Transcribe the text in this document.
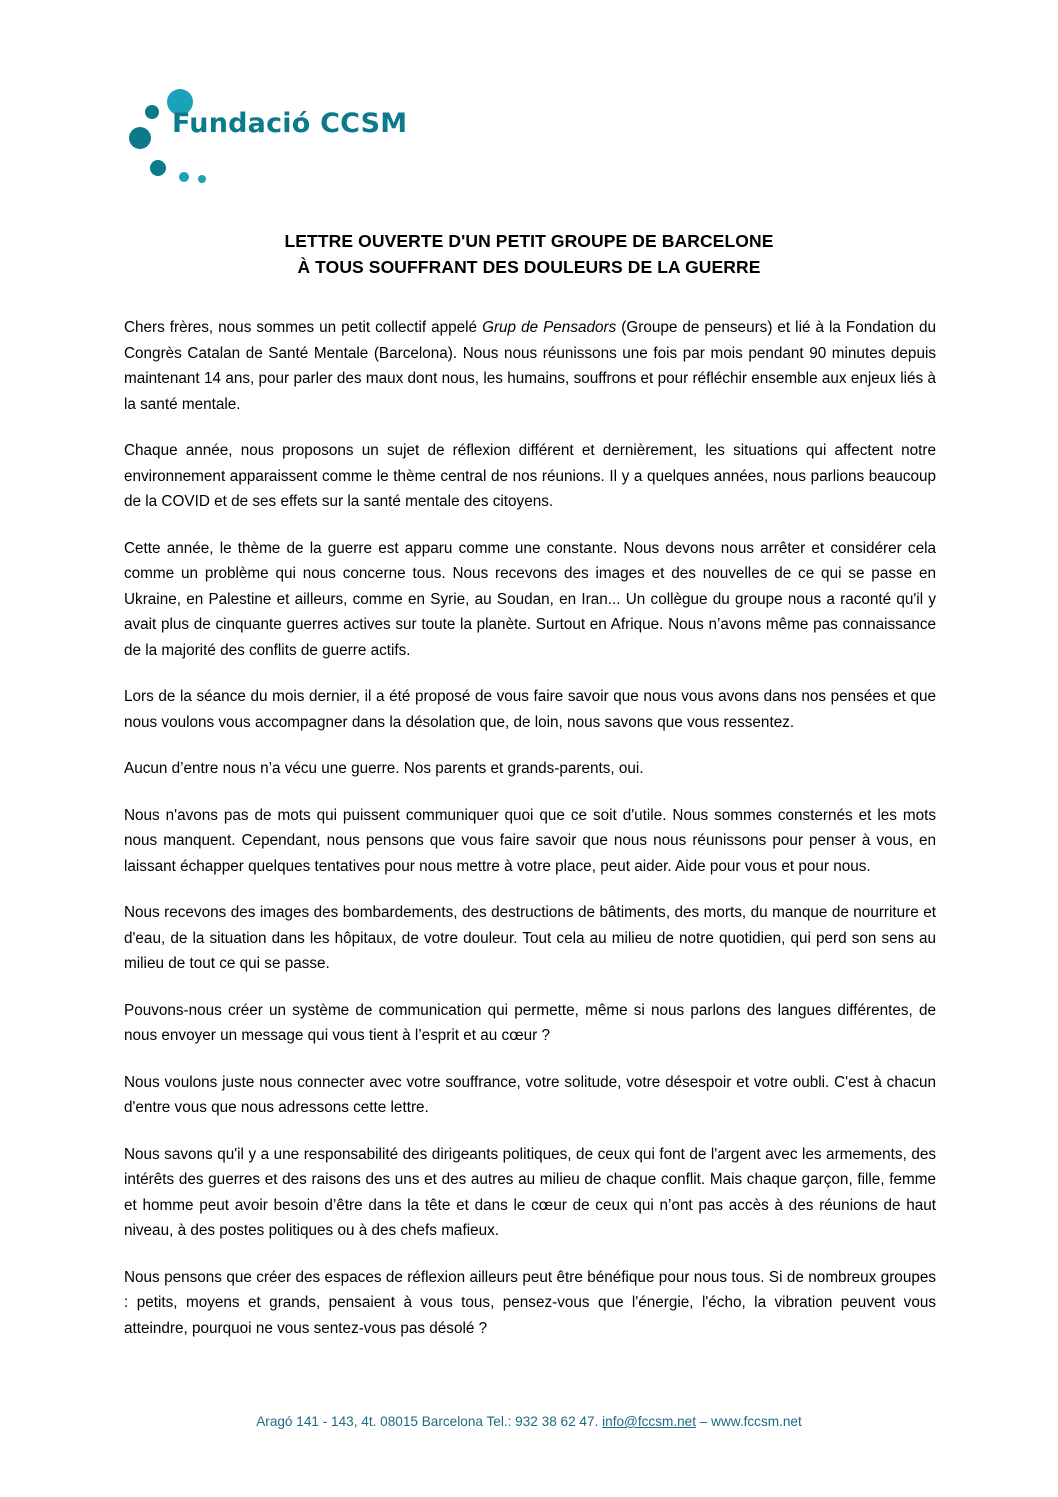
Fundació CCSM
LETTRE OUVERTE D'UN PETIT GROUPE DE BARCELONE
À TOUS SOUFFRANT DES DOULEURS DE LA GUERRE

Chers frères, nous sommes un petit collectif appelé Grup de Pensadors (Groupe de penseurs) et lié à la Fondation du Congrès Catalan de Santé Mentale (Barcelona). Nous nous réunissons une fois par mois pendant 90 minutes depuis maintenant 14 ans, pour parler des maux dont nous, les humains, souffrons et pour réfléchir ensemble aux enjeux liés à la santé mentale.

Chaque année, nous proposons un sujet de réflexion différent et dernièrement, les situations qui affectent notre environnement apparaissent comme le thème central de nos réunions. Il y a quelques années, nous parlions beaucoup de la COVID et de ses effets sur la santé mentale des citoyens.

Cette année, le thème de la guerre est apparu comme une constante. Nous devons nous arrêter et considérer cela comme un problème qui nous concerne tous. Nous recevons des images et des nouvelles de ce qui se passe en Ukraine, en Palestine et ailleurs, comme en Syrie, au Soudan, en Iran... Un collègue du groupe nous a raconté qu'il y avait plus de cinquante guerres actives sur toute la planète. Surtout en Afrique. Nous n’avons même pas connaissance de la majorité des conflits de guerre actifs.

Lors de la séance du mois dernier, il a été proposé de vous faire savoir que nous vous avons dans nos pensées et que nous voulons vous accompagner dans la désolation que, de loin, nous savons que vous ressentez.

Aucun d’entre nous n’a vécu une guerre. Nos parents et grands-parents, oui.

Nous n'avons pas de mots qui puissent communiquer quoi que ce soit d'utile. Nous sommes consternés et les mots nous manquent. Cependant, nous pensons que vous faire savoir que nous nous réunissons pour penser à vous, en laissant échapper quelques tentatives pour nous mettre à votre place, peut aider. Aide pour vous et pour nous.

Nous recevons des images des bombardements, des destructions de bâtiments, des morts, du manque de nourriture et d'eau, de la situation dans les hôpitaux, de votre douleur. Tout cela au milieu de notre quotidien, qui perd son sens au milieu de tout ce qui se passe.

Pouvons-nous créer un système de communication qui permette, même si nous parlons des langues différentes, de nous envoyer un message qui vous tient à l’esprit et au cœur ?

Nous voulons juste nous connecter avec votre souffrance, votre solitude, votre désespoir et votre oubli. C'est à chacun d'entre vous que nous adressons cette lettre.

Nous savons qu'il y a une responsabilité des dirigeants politiques, de ceux qui font de l'argent avec les armements, des intérêts des guerres et des raisons des uns et des autres au milieu de chaque conflit. Mais chaque garçon, fille, femme et homme peut avoir besoin d’être dans la tête et dans le cœur de ceux qui n’ont pas accès à des réunions de haut niveau, à des postes politiques ou à des chefs mafieux.

Nous pensons que créer des espaces de réflexion ailleurs peut être bénéfique pour nous tous. Si de nombreux groupes : petits, moyens et grands, pensaient à vous tous, pensez-vous que l'énergie, l'écho, la vibration peuvent vous atteindre, pourquoi ne vous sentez-vous pas désolé ?

Aragó 141 - 143, 4t. 08015 Barcelona Tel.: 932 38 62 47. info@fccsm.net – www.fccsm.net
